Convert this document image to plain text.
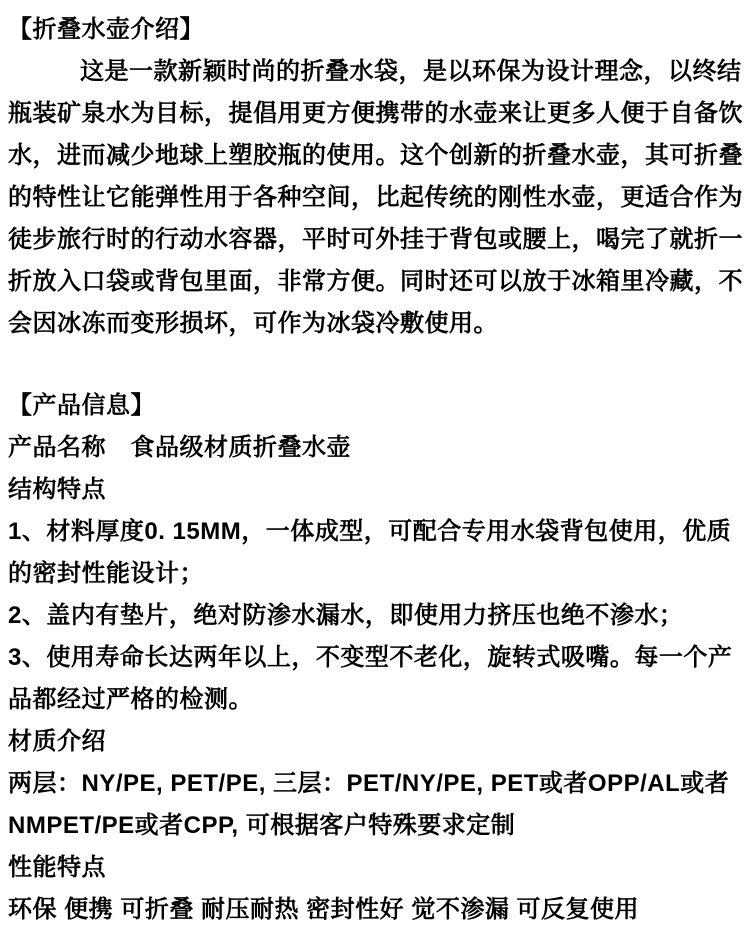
【折叠水壶介绍】

这是一款新颖时尚的折叠水袋，是以环保为设计理念，以终结瓶装矿泉水为目标，提倡用更方便携带的水壶来让更多人便于自备饮水，进而减少地球上塑胶瓶的使用。这个创新的折叠水壶，其可折叠的特性让它能弹性用于各种空间，比起传统的刚性水壶，更适合作为徒步旅行时的行动水容器，平时可外挂于背包或腰上，喝完了就折一折放入口袋或背包里面，非常方便。同时还可以放于冰箱里冷藏，不会因冰冻而变形损坏，可作为冰袋冷敷使用。

【产品信息】
产品名称　食品级材质折叠水壶
结构特点
1、材料厚度0. 15MM，一体成型，可配合专用水袋背包使用，优质的密封性能设计；
2、盖内有垫片，绝对防渗水漏水，即使用力挤压也绝不渗水；
3、使用寿命长达两年以上，不变型不老化，旋转式吸嘴。每一个产品都经过严格的检测。
材质介绍
两层：NY/PE, PET/PE, 三层：PET/NY/PE, PET或者OPP/AL或者NMPET/PE或者CPP, 可根据客户特殊要求定制
性能特点
环保 便携 可折叠 耐压耐热 密封性好 觉不渗漏 可反复使用
